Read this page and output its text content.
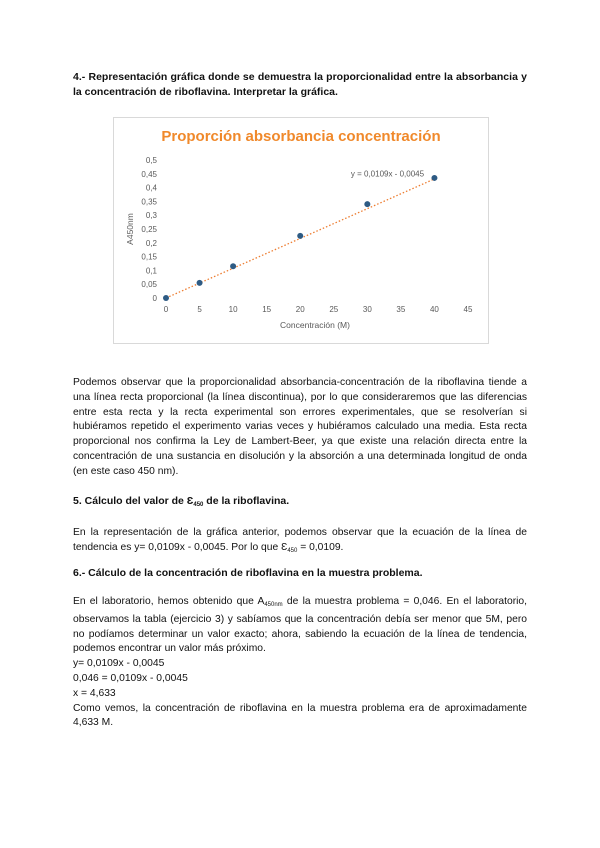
4.- Representación gráfica donde se demuestra la proporcionalidad entre la absorbancia y la concentración de riboflavina. Interpretar la gráfica.

Proporción absorbancia concentración
0
0,05
0,1
0,15
0,2
0,25
0,3
0,35
0,4
0,45
0,5
0	5	10	15	20	25	30	35	40	45
Concentración (M)
A450nm
y = 0,0109x - 0,0045

Podemos observar que la proporcionalidad absorbancia-concentración de la riboflavina tiende a una línea recta proporcional (la línea discontinua), por lo que consideraremos que las diferencias entre esta recta y la recta experimental son errores experimentales, que se resolverían si hubiéramos repetido el experimento varias veces y hubiéramos calculado una media. Esta recta proporcional nos confirma la Ley de Lambert-Beer, ya que existe una relación directa entre la concentración de una sustancia en disolución y la absorción a una determinada longitud de onda (en este caso 450 nm).

5. Cálculo del valor de $Ɛ_{450}$ de la riboflavina.

En la representación de la gráfica anterior, podemos observar que la ecuación de la línea de tendencia es y= 0,0109x - 0,0045. Por lo que $Ɛ_{450} = 0,0109$.

6.- Cálculo de la concentración de riboflavina en la muestra problema.

En el laboratorio, hemos obtenido que $A_{450nm}$ de la muestra problema = 0,046. En el laboratorio, observamos la tabla (ejercicio 3) y sabíamos que la concentración debía ser menor que 5M, pero no podíamos determinar un valor exacto; ahora, sabiendo la ecuación de la línea de tendencia, podemos encontrar un valor más próximo.

y= 0,0109x - 0,0045

0,046 = 0,0109x - 0,0045

x = 4,633

Como vemos, la concentración de riboflavina en la muestra problema era de aproximadamente 4,633 M.
